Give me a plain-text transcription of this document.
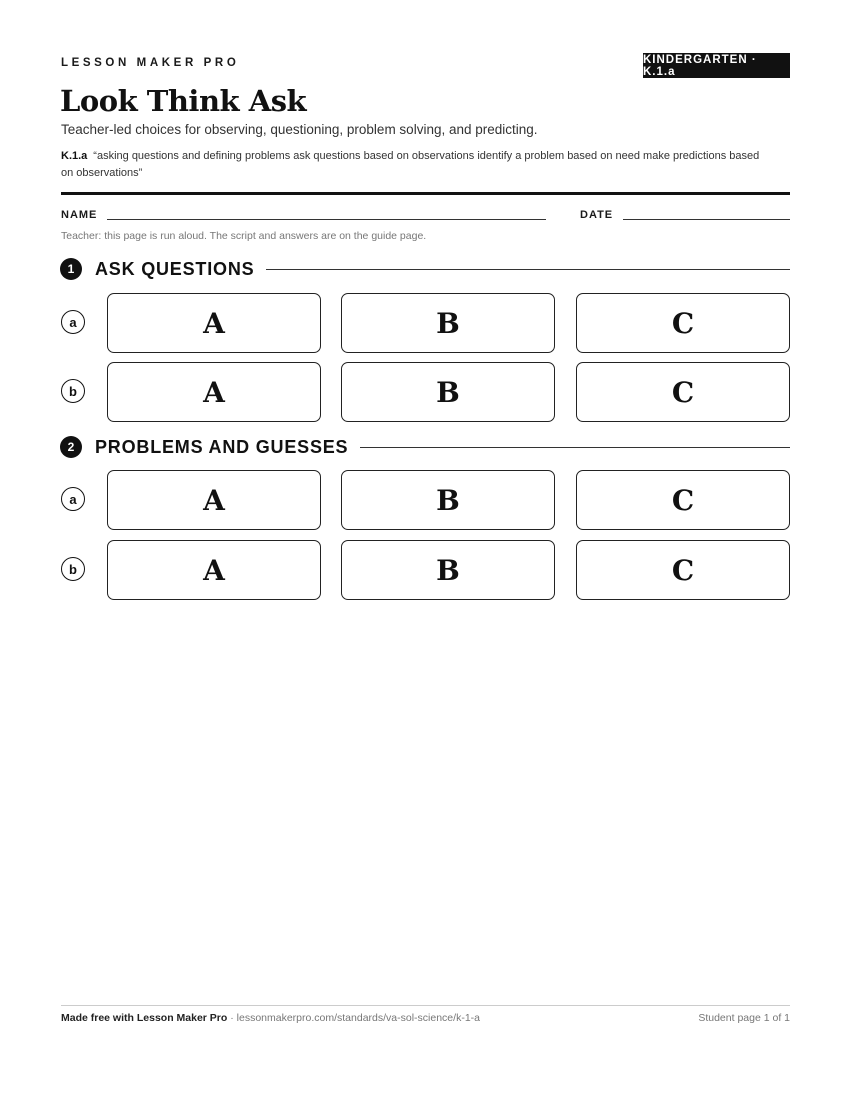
LESSON MAKER PRO	KINDERGARTEN · K.1.a
Look Think Ask
Teacher-led choices for observing, questioning, problem solving, and predicting.
K.1.a “asking questions and defining problems ask questions based on observations identify a problem based on need make predictions based on observations”
NAME	DATE
Teacher: this page is run aloud. The script and answers are on the guide page.
1	ASK QUESTIONS
a	A	B	C
b	A	B	C
2	PROBLEMS AND GUESSES
a	A	B	C
b	A	B	C
Made free with Lesson Maker Pro · lessonmakerpro.com/standards/va-sol-science/k-1-a	Student page 1 of 1
